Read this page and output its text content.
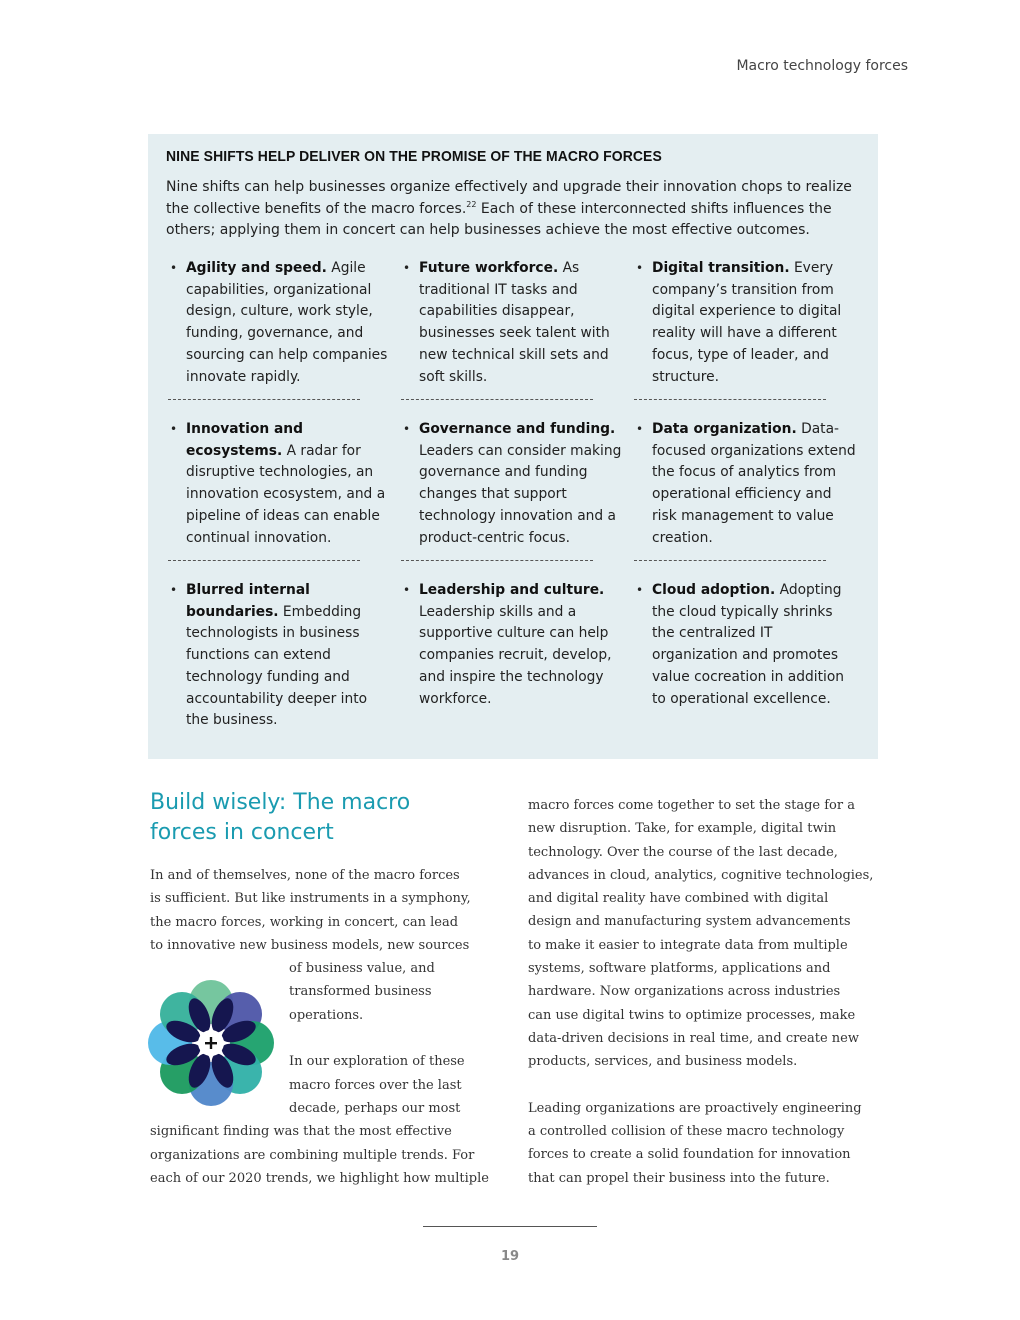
Macro technology forces
NINE SHIFTS HELP DELIVER ON THE PROMISE OF THE MACRO FORCES
Nine shifts can help businesses organize effectively and upgrade their innovation chops to realize the collective benefits of the macro forces.$^{22}$ Each of these interconnected shifts influences the others; applying them in concert can help businesses achieve the most effective outcomes.
• Agility and speed. Agile capabilities, organizational design, culture, work style, funding, governance, and sourcing can help companies innovate rapidly.
• Innovation and ecosystems. A radar for disruptive technologies, an innovation ecosystem, and a pipeline of ideas can enable continual innovation.
• Blurred internal boundaries. Embedding technologists in business functions can extend technology funding and accountability deeper into the business.
• Future workforce. As traditional IT tasks and capabilities disappear, businesses seek talent with new technical skill sets and soft skills.
• Governance and funding. Leaders can consider making governance and funding changes that support technology innovation and a product-centric focus.
• Leadership and culture. Leadership skills and a supportive culture can help companies recruit, develop, and inspire the technology workforce.
• Digital transition. Every company’s transition from digital experience to digital reality will have a different focus, type of leader, and structure.
• Data organization. Data-focused organizations extend the focus of analytics from operational efficiency and risk management to value creation.
• Cloud adoption. Adopting the cloud typically shrinks the centralized IT organization and promotes value cocreation in addition to operational excellence.
Build wisely: The macro forces in concert

In and of themselves, none of the macro forces

is sufficient. But like instruments in a symphony,

the macro forces, working in concert, can lead

to innovative new business models, new sources

of business value, and

transformed business

operations.

In our exploration of these

macro forces over the last

decade, perhaps our most

significant finding was that the most effective

organizations are combining multiple trends. For

each of our 2020 trends, we highlight how multiple

macro forces come together to set the stage for a

new disruption. Take, for example, digital twin

technology. Over the course of the last decade,

advances in cloud, analytics, cognitive technologies,

and digital reality have combined with digital

design and manufacturing system advancements

to make it easier to integrate data from multiple

systems, software platforms, applications and

hardware. Now organizations across industries

can use digital twins to optimize processes, make

data-driven decisions in real time, and create new

products, services, and business models.

Leading organizations are proactively engineering

a controlled collision of these macro technology

forces to create a solid foundation for innovation

that can propel their business into the future.

19
